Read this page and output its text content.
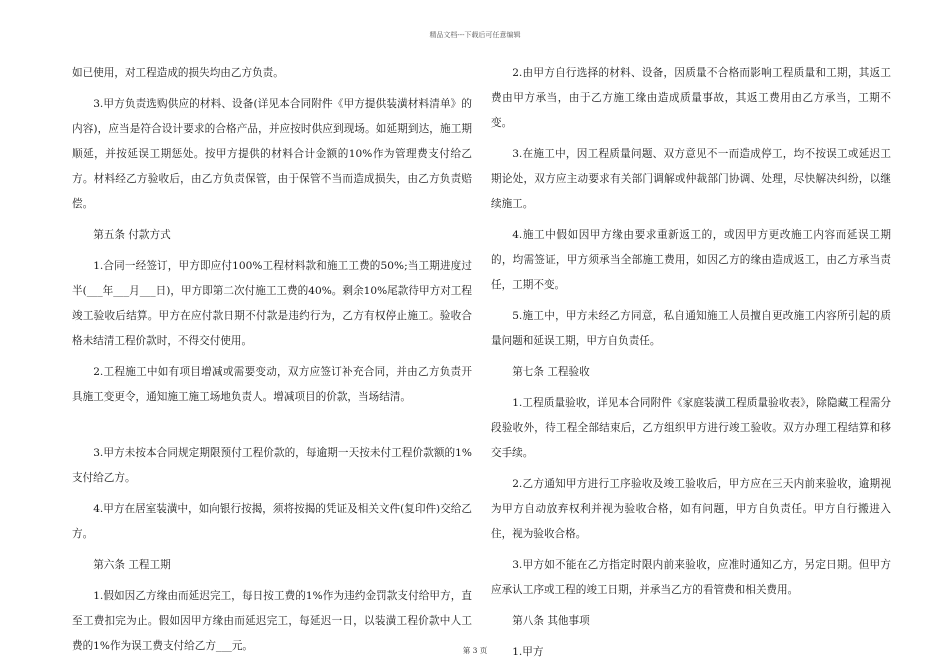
精品文档---下载后可任意编辑

如已使用，对工程造成的损失均由乙方负责。

3.甲方负责选购供应的材料、设备(详见本合同附件《甲方提供装潢材料清单》的内容)，应当是符合设计要求的合格产品，并应按时供应到现场。如延期到达，施工期顺延，并按延误工期惩处。按甲方提供的材料合计金额的10%作为管理费支付给乙方。材料经乙方验收后，由乙方负责保管，由于保管不当而造成损失，由乙方负责赔偿。

第五条 付款方式

1.合同一经签订，甲方即应付100%工程材料款和施工工费的50%;当工期进度过半(___年___月___日)，甲方即第二次付施工工费的40%。剩余10%尾款待甲方对工程竣工验收后结算。甲方在应付款日期不付款是违约行为，乙方有权停止施工。验收合格未结清工程价款时，不得交付使用。

2.工程施工中如有项目增减或需要变动，双方应签订补充合同，并由乙方负责开具施工变更令，通知施工施工场地负责人。增减项目的价款，当场结清。

3.甲方未按本合同规定期限预付工程价款的，每逾期一天按未付工程价款额的1%支付给乙方。

4.甲方在居室装潢中，如向银行按揭，须将按揭的凭证及相关文件(复印件)交给乙方。

第六条 工程工期

1.假如因乙方缘由而延迟完工，每日按工费的1%作为违约金罚款支付给甲方，直至工费扣完为止。假如因甲方缘由而延迟完工，每延迟一日，以装潢工程价款中人工费的1%作为误工费支付给乙方___元。

2.由甲方自行选择的材料、设备，因质量不合格而影响工程质量和工期，其返工费由甲方承当，由于乙方施工缘由造成质量事故，其返工费用由乙方承当，工期不变。

3.在施工中，因工程质量问题、双方意见不一而造成停工，均不按误工或延迟工期论处，双方应主动要求有关部门调解或仲裁部门协调、处理，尽快解决纠纷，以继续施工。

4.施工中假如因甲方缘由要求重新返工的，或因甲方更改施工内容而延误工期的，均需签证，甲方须承当全部施工费用，如因乙方的缘由造成返工，由乙方承当责任，工期不变。

5.施工中，甲方未经乙方同意，私自通知施工人员擅自更改施工内容所引起的质量问题和延误工期，甲方自负责任。

第七条 工程验收

1.工程质量验收，详见本合同附件《家庭装潢工程质量验收表》，除隐藏工程需分段验收外，待工程全部结束后，乙方组织甲方进行竣工验收。双方办理工程结算和移交手续。

2.乙方通知甲方进行工序验收及竣工验收后，甲方应在三天内前来验收，逾期视为甲方自动放弃权利并视为验收合格，如有问题，甲方自负责任。甲方自行搬进入住，视为验收合格。

3.甲方如不能在乙方指定时限内前来验收，应准时通知乙方，另定日期。但甲方应承认工序或工程的竣工日期，并承当乙方的看管费和相关费用。

第八条 其他事项

1.甲方

第 3 页
